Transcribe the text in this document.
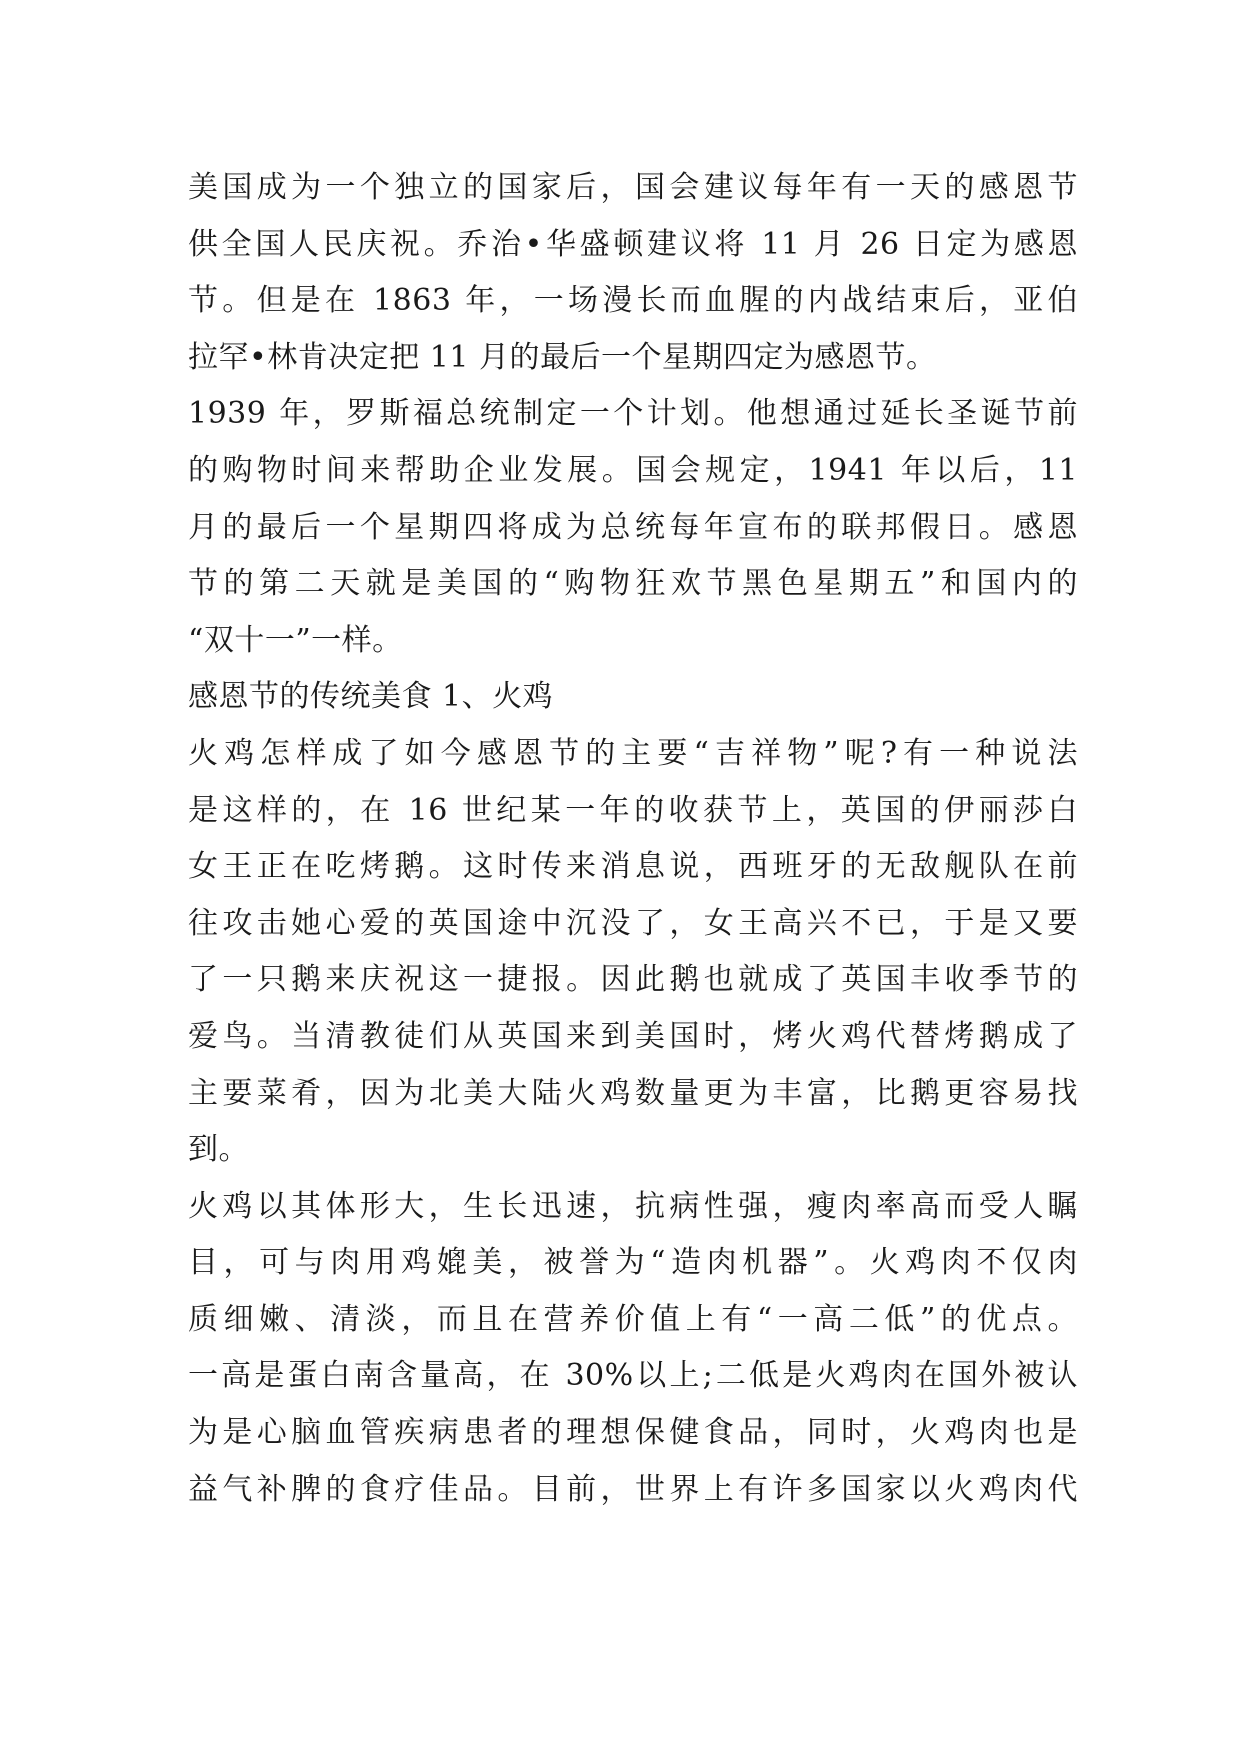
美国成为一个独立的国家后，国会建议每年有一天的感恩节
供全国人民庆祝。乔治•华盛顿建议将 11 月 26 日定为感恩
节。但是在 1863 年，一场漫长而血腥的内战结束后，亚伯
拉罕•林肯决定把 11 月的最后一个星期四定为感恩节。
1939 年，罗斯福总统制定一个计划。他想通过延长圣诞节前
的购物时间来帮助企业发展。国会规定，1941 年以后，11
月的最后一个星期四将成为总统每年宣布的联邦假日。感恩
节的第二天就是美国的“购物狂欢节黑色星期五”和国内的
“双十一”一样。
感恩节的传统美食 1、火鸡
火鸡怎样成了如今感恩节的主要“吉祥物”呢?有一种说法
是这样的，在 16 世纪某一年的收获节上，英国的伊丽莎白
女王正在吃烤鹅。这时传来消息说，西班牙的无敌舰队在前
往攻击她心爱的英国途中沉没了，女王高兴不已，于是又要
了一只鹅来庆祝这一捷报。因此鹅也就成了英国丰收季节的
爱鸟。当清教徒们从英国来到美国时，烤火鸡代替烤鹅成了
主要菜肴，因为北美大陆火鸡数量更为丰富，比鹅更容易找
到。
火鸡以其体形大，生长迅速，抗病性强，瘦肉率高而受人瞩
目，可与肉用鸡媲美，被誉为“造肉机器”。火鸡肉不仅肉
质细嫩、清淡，而且在营养价值上有“一高二低”的优点。
一高是蛋白南含量高，在 30%以上;二低是火鸡肉在国外被认
为是心脑血管疾病患者的理想保健食品，同时，火鸡肉也是
益气补脾的食疗佳品。目前，世界上有许多国家以火鸡肉代
